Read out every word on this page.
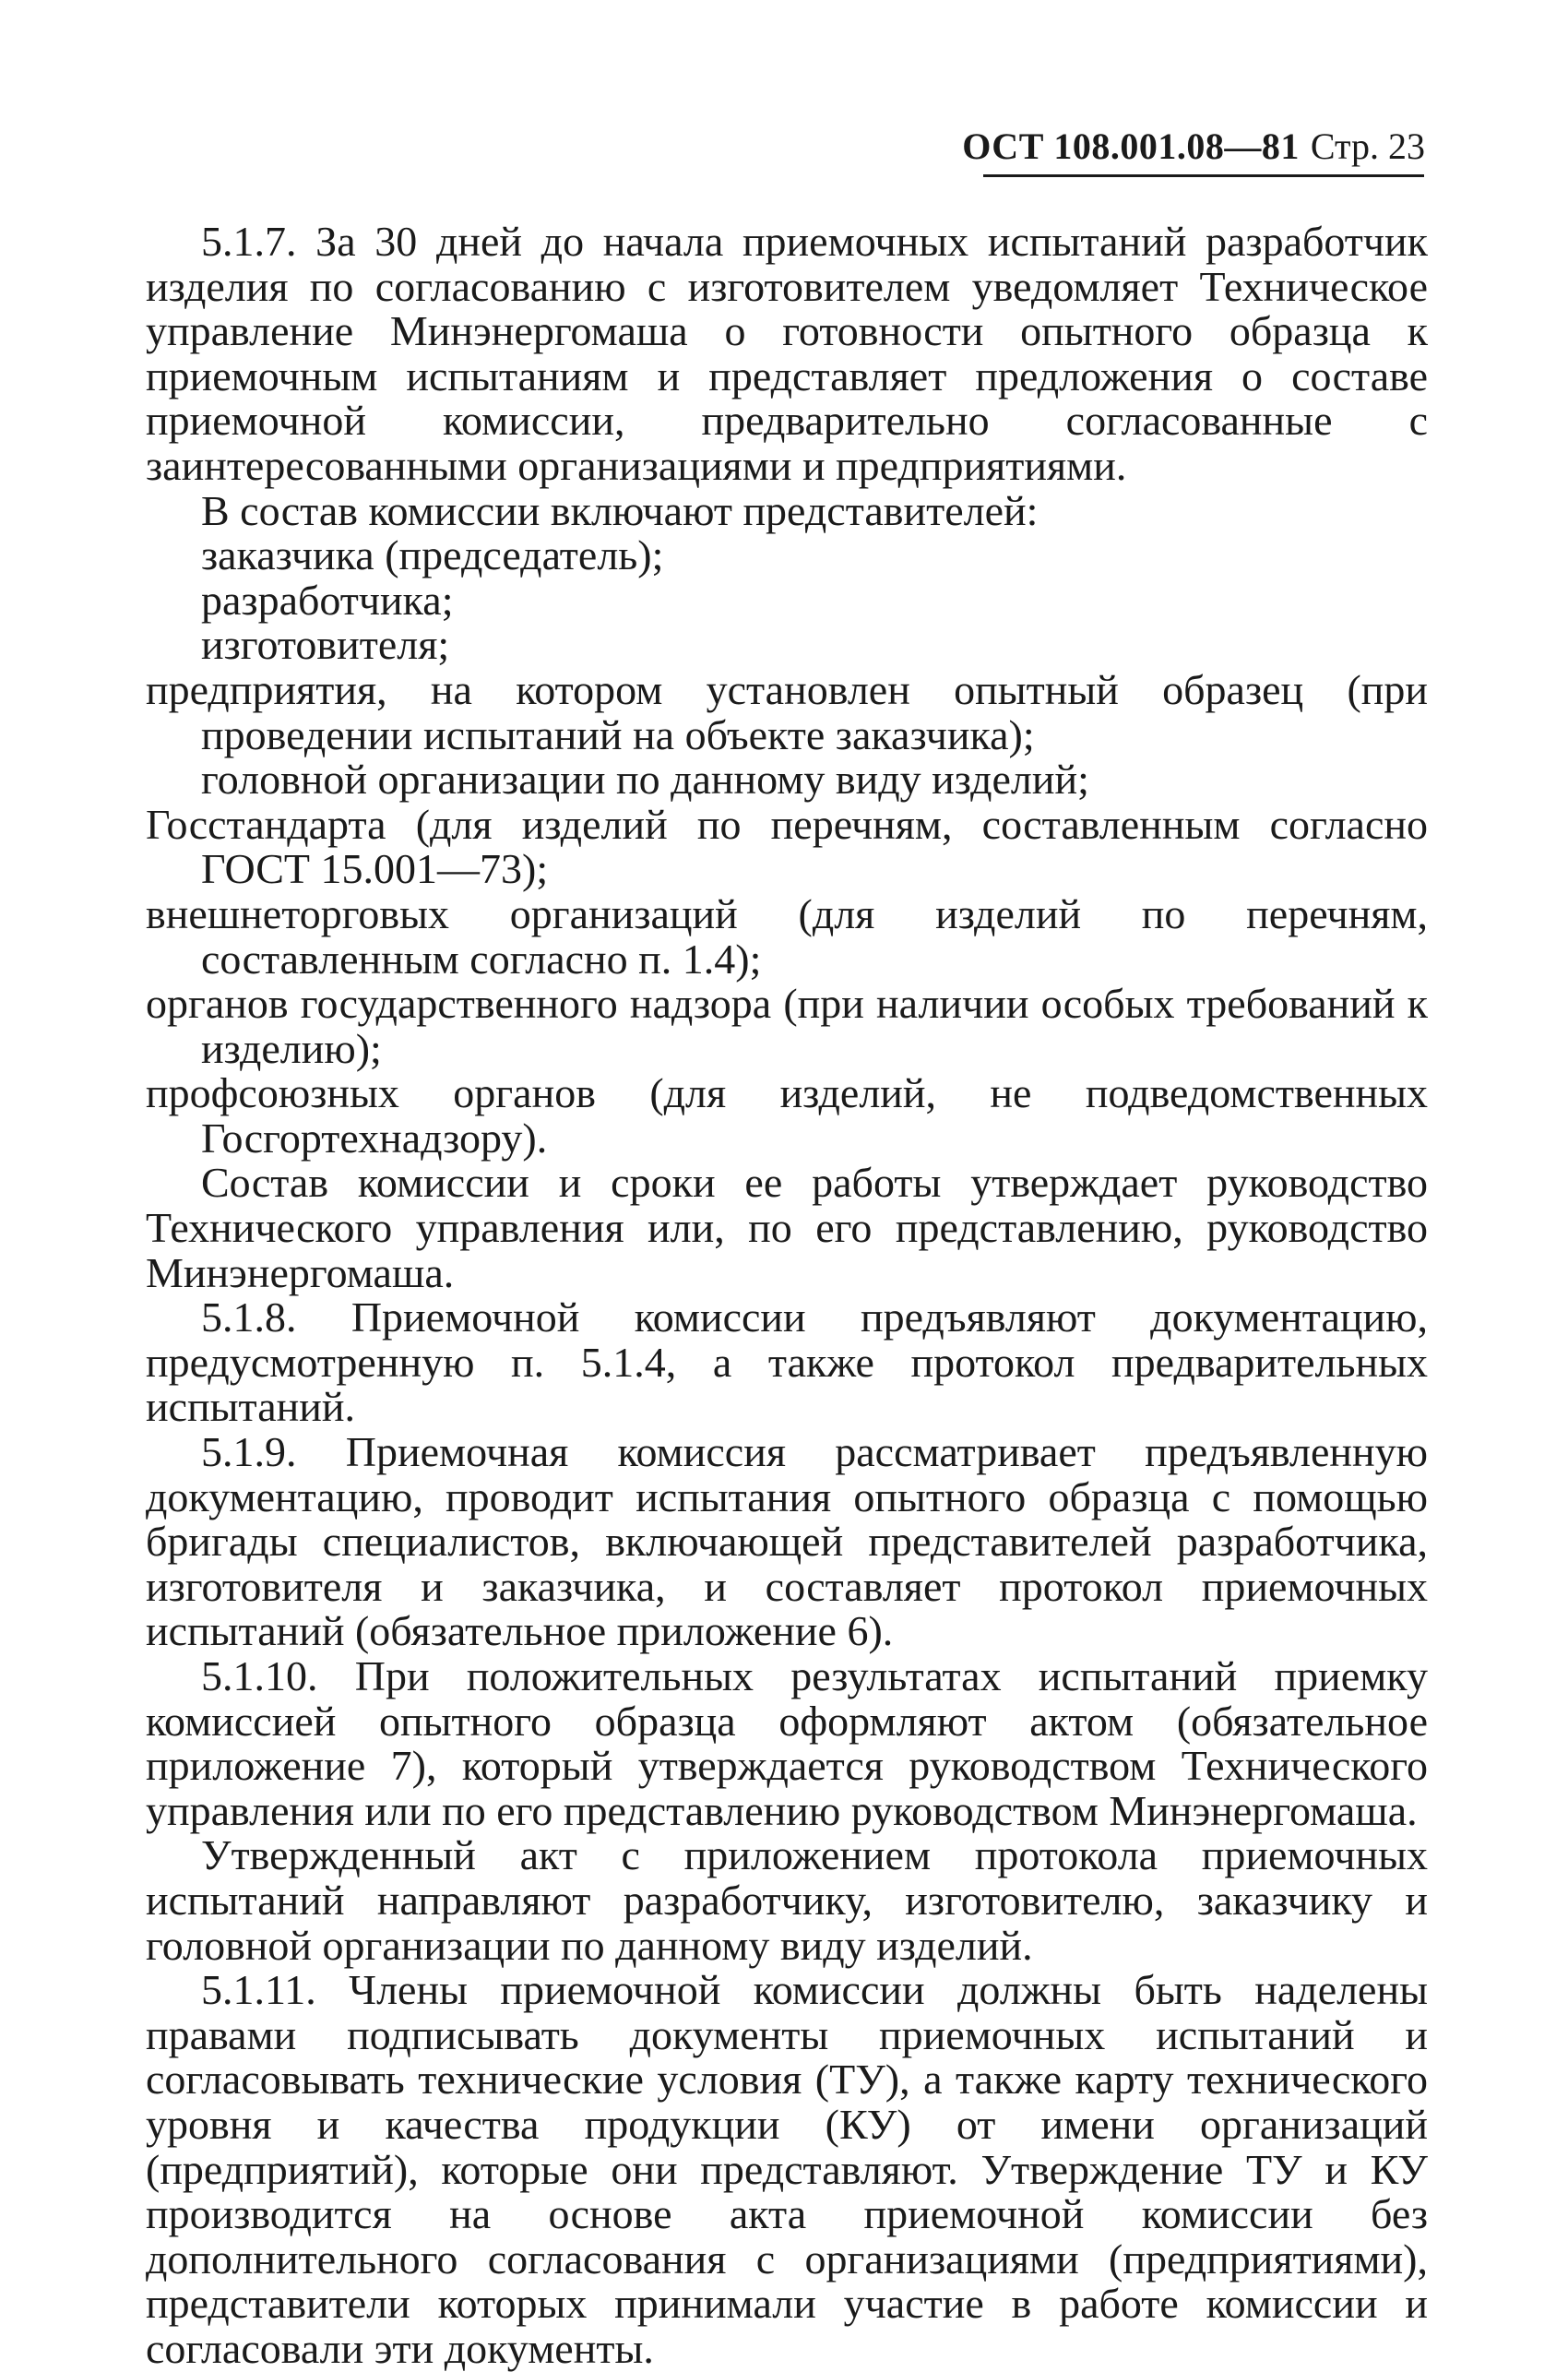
ОСТ 108.001.08—81 Стр. 23

5.1.7. За 30 дней до начала приемочных испытаний разработчик изделия по согласованию с изготовителем уведомляет Техническое управление Минэнергомаша о готовности опытного образца к приемочным испытаниям и представляет предложения о составе приемочной комиссии, предварительно согласованные с заинтересованными организациями и предприятиями.

В состав комиссии включают представителей:

заказчика (председатель);

разработчика;

изготовителя;

предприятия, на котором установлен опытный образец (при проведении испытаний на объекте заказчика);

головной организации по данному виду изделий;

Госстандарта (для изделий по перечням, составленным согласно ГОСТ 15.001—73);

внешнеторговых организаций (для изделий по перечням, составленным согласно п. 1.4);

органов государственного надзора (при наличии особых требований к изделию);

профсоюзных органов (для изделий, не подведомственных Госгортехнадзору).

Состав комиссии и сроки ее работы утверждает руководство Технического управления или, по его представлению, руководство Минэнергомаша.

5.1.8. Приемочной комиссии предъявляют документацию, предусмотренную п. 5.1.4, а также протокол предварительных испытаний.

5.1.9. Приемочная комиссия рассматривает предъявленную документацию, проводит испытания опытного образца с помощью бригады специалистов, включающей представителей разработчика, изготовителя и заказчика, и составляет протокол приемочных испытаний (обязательное приложение 6).

5.1.10. При положительных результатах испытаний приемку комиссией опытного образца оформляют актом (обязательное приложение 7), который утверждается руководством Технического управления или по его представлению руководством Минэнергомаша.

Утвержденный акт с приложением протокола приемочных испытаний направляют разработчику, изготовителю, заказчику и головной организации по данному виду изделий.

5.1.11. Члены приемочной комиссии должны быть наделены правами подписывать документы приемочных испытаний и согласовывать технические условия (ТУ), а также карту технического уровня и качества продукции (КУ) от имени организаций (предприятий), которые они представляют. Утверждение ТУ и КУ производится на основе акта приемочной комиссии без дополнительного согласования с организациями (предприятиями), представители которых принимали участие в работе комиссии и согласовали эти документы.
